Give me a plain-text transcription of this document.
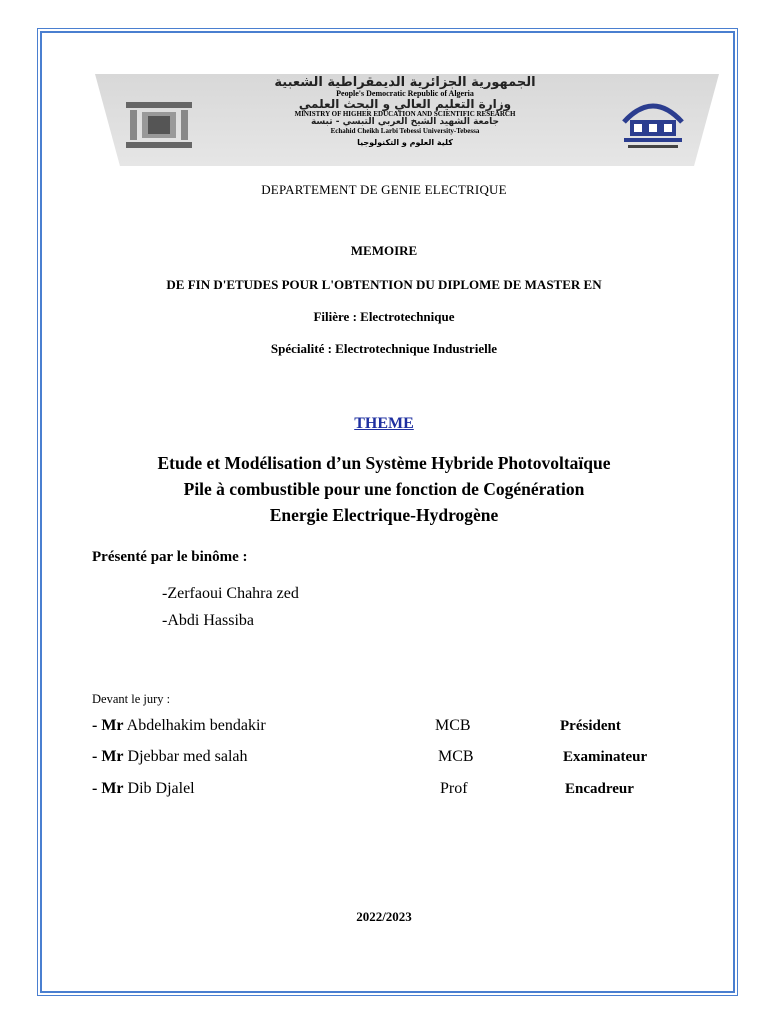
الجمهورية الجزائرية الديمقراطية الشعبية
People's Democratic Republic of Algeria
وزارة التعليم العالي و البحث العلمي
MINISTRY OF HIGHER EDUCATION AND SCIENTIFIC RESEARCH
جامعة الشهيد الشيخ العربي التبسي - تبسة
Echahid Cheikh Larbi Tebessi University-Tebessa
كلية العلوم و التكنولوجيا
DEPARTEMENT DE GENIE ELECTRIQUE
MEMOIRE
DE FIN D'ETUDES POUR L'OBTENTION DU DIPLOME DE MASTER EN
Filière : Electrotechnique
Spécialité : Electrotechnique Industrielle
THEME
Etude et Modélisation d’un Système Hybride Photovoltaïque
Pile à combustible pour une fonction de Cogénération
Energie Electrique-Hydrogène
Présenté par le binôme :
-Zerfaoui Chahra zed
-Abdi Hassiba
Devant le jury :
- Mr Abdelhakim bendakir	MCB	Président
- Mr Djebbar med salah	MCB	Examinateur
- Mr Dib Djalel	Prof	Encadreur
2022/2023
